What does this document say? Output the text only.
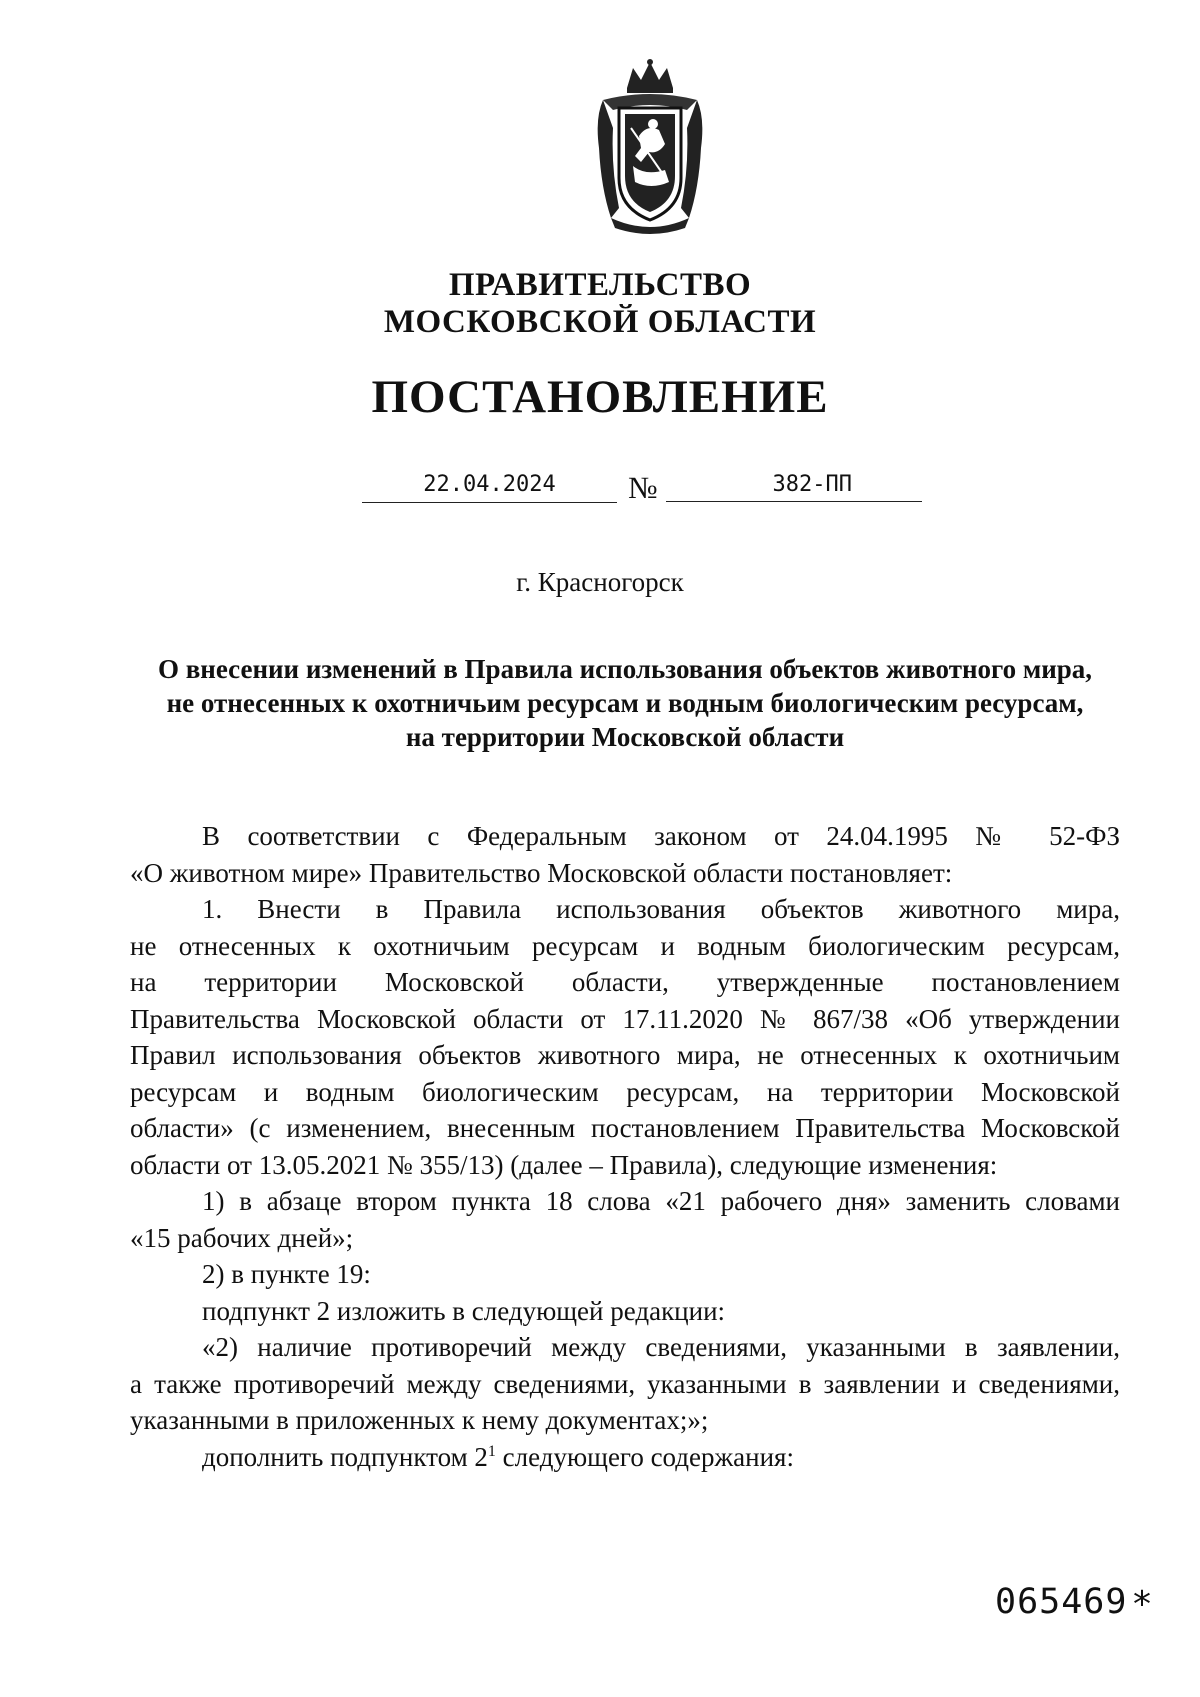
ПРАВИТЕЛЬСТВО
МОСКОВСКОЙ ОБЛАСТИ
ПОСТАНОВЛЕНИЕ
22.04.2024	№	382-ПП
г. Красногорск
О внесении изменений в Правила использования объектов животного мира,
не отнесенных к охотничьим ресурсам и водным биологическим ресурсам,
на территории Московской области
В соответствии с Федеральным законом от 24.04.1995 № 52-ФЗ
«О животном мире» Правительство Московской области постановляет:
1. Внести в Правила использования объектов животного мира,
не отнесенных к охотничьим ресурсам и водным биологическим ресурсам,
на территории Московской области, утвержденные постановлением
Правительства Московской области от 17.11.2020 № 867/38 «Об утверждении
Правил использования объектов животного мира, не отнесенных к охотничьим
ресурсам и водным биологическим ресурсам, на территории Московской
области» (с изменением, внесенным постановлением Правительства Московской
области от 13.05.2021 № 355/13) (далее – Правила), следующие изменения:
1) в абзаце втором пункта 18 слова «21 рабочего дня» заменить словами
«15 рабочих дней»;
2) в пункте 19:
подпункт 2 изложить в следующей редакции:
«2) наличие противоречий между сведениями, указанными в заявлении,
а также противоречий между сведениями, указанными в заявлении и сведениями,
указанными в приложенных к нему документах;»;
дополнить подпунктом $2^1$ следующего содержания:
065469 *
